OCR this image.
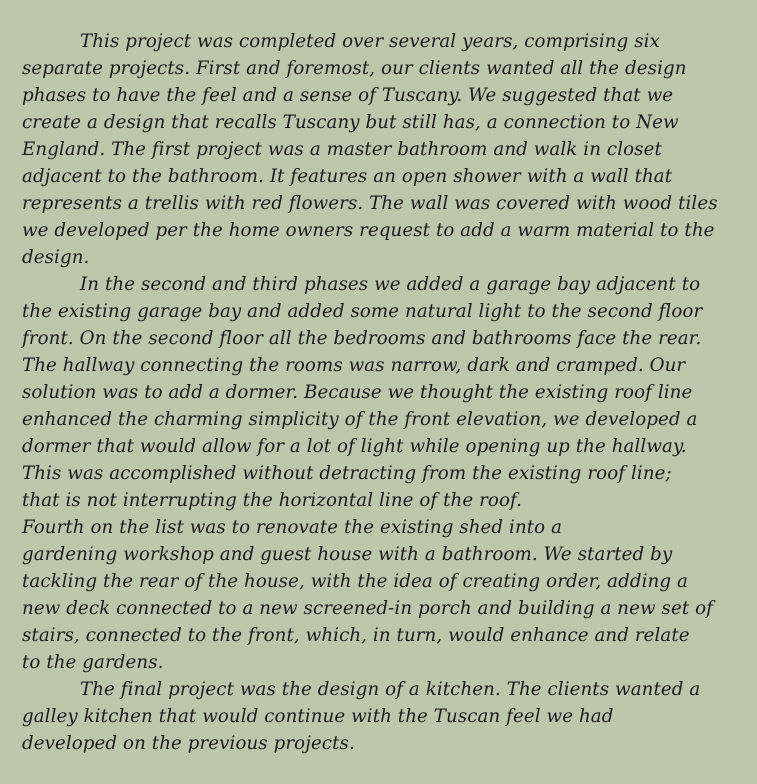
This project was completed over several years, comprising six
separate projects. First and foremost, our clients wanted all the design
phases to have the feel and a sense of Tuscany. We suggested that we
create a design that recalls Tuscany but still has, a connection to New
England. The first project was a master bathroom and walk in closet
adjacent to the bathroom. It features an open shower with a wall that
represents a trellis with red flowers. The wall was covered with wood tiles
we developed per the home owners request to add a warm material to the
design.
In the second and third phases we added a garage bay adjacent to
the existing garage bay and added some natural light to the second floor
front. On the second floor all the bedrooms and bathrooms face the rear.
The hallway connecting the rooms was narrow, dark and cramped. Our
solution was to add a dormer. Because we thought the existing roof line
enhanced the charming simplicity of the front elevation, we developed a
dormer that would allow for a lot of light while opening up the hallway.
This was accomplished without detracting from the existing roof line;
that is not interrupting the horizontal line of the roof.
Fourth on the list was to renovate the existing shed into a
gardening workshop and guest house with a bathroom. We started by
tackling the rear of the house, with the idea of creating order, adding a
new deck connected to a new screened-in porch and building a new set of
stairs, connected to the front, which, in turn, would enhance and relate
to the gardens.
The final project was the design of a kitchen. The clients wanted a
galley kitchen that would continue with the Tuscan feel we had
developed on the previous projects.
